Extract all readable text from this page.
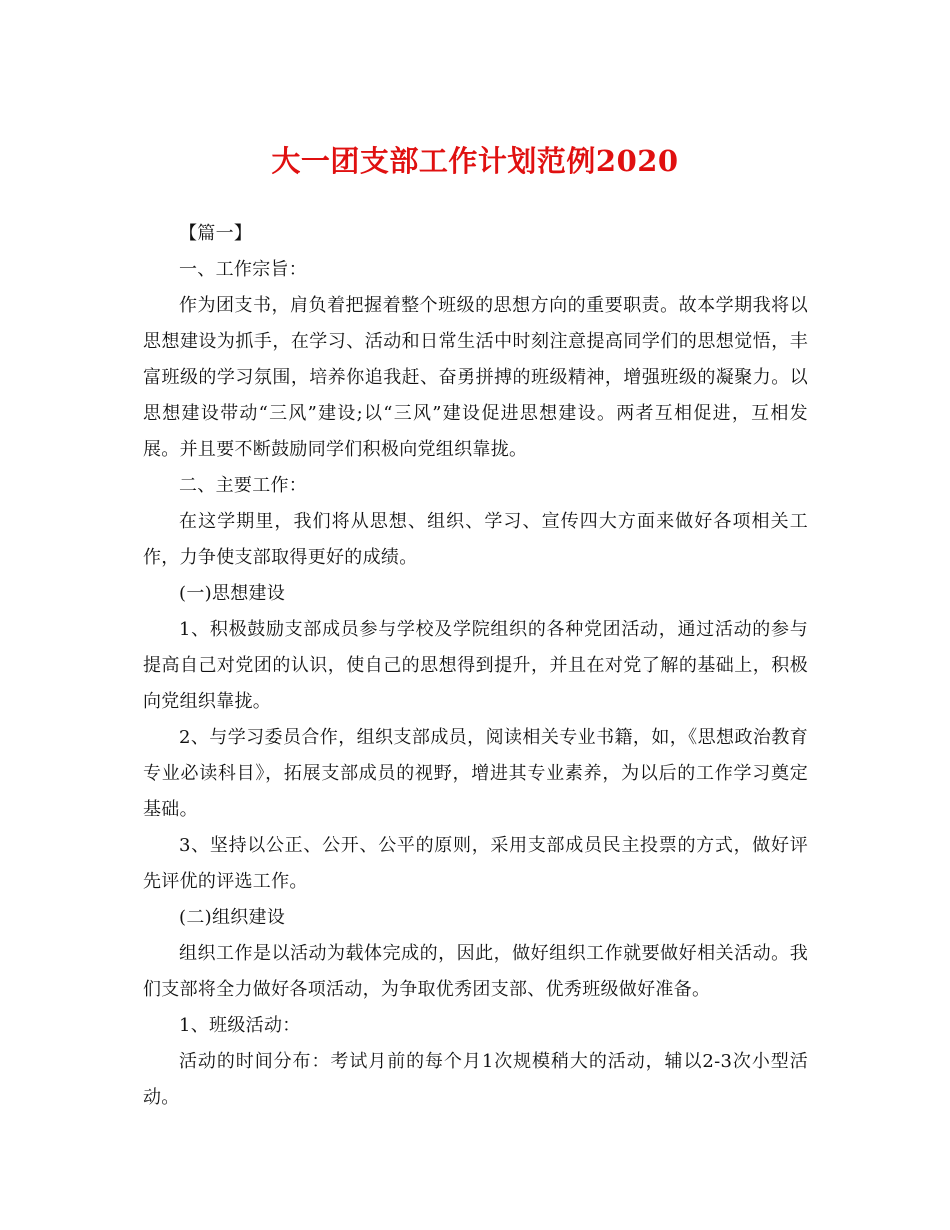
大一团支部工作计划范例2020

【篇一】

一、工作宗旨：

作为团支书，肩负着把握着整个班级的思想方向的重要职责。故本学期我将以思想建设为抓手，在学习、活动和日常生活中时刻注意提高同学们的思想觉悟，丰富班级的学习氛围，培养你追我赶、奋勇拼搏的班级精神，增强班级的凝聚力。以思想建设带动“三风”建设;以“三风”建设促进思想建设。两者互相促进，互相发展。并且要不断鼓励同学们积极向党组织靠拢。

二、主要工作：

在这学期里，我们将从思想、组织、学习、宣传四大方面来做好各项相关工作，力争使支部取得更好的成绩。

(一)思想建设

1、积极鼓励支部成员参与学校及学院组织的各种党团活动，通过活动的参与提高自己对党团的认识，使自己的思想得到提升，并且在对党了解的基础上，积极向党组织靠拢。

2、与学习委员合作，组织支部成员，阅读相关专业书籍，如，《思想政治教育专业必读科目》，拓展支部成员的视野，增进其专业素养，为以后的工作学习奠定基础。

3、坚持以公正、公开、公平的原则，采用支部成员民主投票的方式，做好评先评优的评选工作。

(二)组织建设

组织工作是以活动为载体完成的，因此，做好组织工作就要做好相关活动。我们支部将全力做好各项活动，为争取优秀团支部、优秀班级做好准备。

1、班级活动：

活动的时间分布：考试月前的每个月1次规模稍大的活动，辅以2-3次小型活动。
